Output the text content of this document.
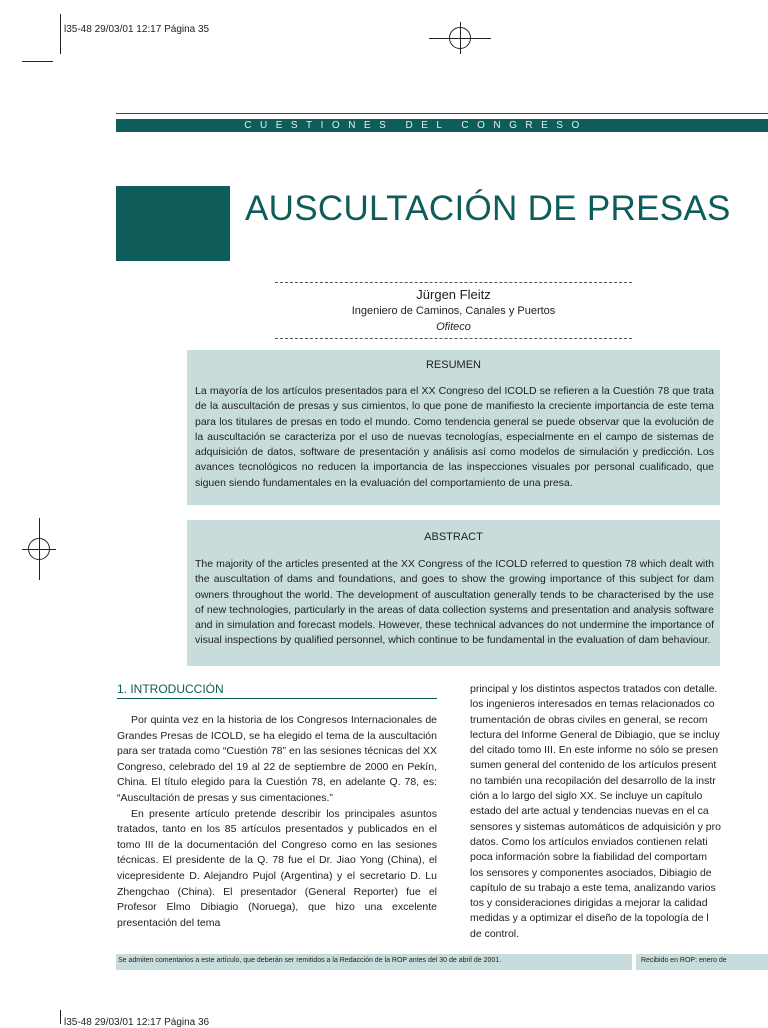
l35-48 29/03/01 12:17 Página 35
l35-48 29/03/01 12:17 Página 36
CUESTIONES DEL CONGRESO
AUSCULTACIÓN DE PRESAS
Jürgen Fleitz
Ingeniero de Caminos, Canales y Puertos
Ofiteco
RESUMEN
La mayoría de los artículos presentados para el XX Congreso del ICOLD se refieren a la Cuestión 78 que trata de la auscultación de presas y sus cimientos, lo que pone de manifiesto la creciente importancia de este tema para los titulares de presas en todo el mundo. Como tendencia general se puede observar que la evolución de la auscultación se caracteriza por el uso de nuevas tecnologías, especialmente en el campo de sistemas de adquisición de datos, software de presentación y análisis así como modelos de simulación y predicción. Los avances tecnológicos no reducen la importancia de las inspecciones visuales por personal cualificado, que siguen siendo fundamentales en la evaluación del comportamiento de una presa.
ABSTRACT
The majority of the articles presented at the XX Congress of the ICOLD referred to question 78 which dealt with the auscultation of dams and foundations, and goes to show the growing importance of this subject for dam owners throughout the world. The development of auscultation generally tends to be characterised by the use of new technologies, particularly in the areas of data collection systems and presentation and analysis software and in simulation and forecast models. However, these technical advances do not undermine the importance of visual inspections by qualified personnel, which continue to be fundamental in the evaluation of dam behaviour.
1. INTRODUCCIÓN

Por quinta vez en la historia de los Congresos Internacionales de Grandes Presas de ICOLD, se ha elegido el tema de la auscultación para ser tratada como “Cuestión 78” en las sesiones técnicas del XX Congreso, celebrado del 19 al 22 de septiembre de 2000 en Pekín, China. El título elegido para la Cuestión 78, en adelante Q. 78, es: “Auscultación de presas y sus cimentaciones.”

En presente artículo pretende describir los principales asuntos tratados, tanto en los 85 artículos presentados y publicados en el tomo III de la documentación del Congreso como en las sesiones técnicas. El presidente de la Q. 78 fue el Dr. Jiao Yong (China), el vicepresidente D. Alejandro Pujol (Argentina) y el secretario D. Lu Zhengchao (China). El presentador (General Reporter) fue el Profesor Elmo Dibiagio (Noruega), que hizo una excelente presentación del tema

principal y los distintos aspectos tratados con detalle.
los ingenieros interesados en temas relacionados co
trumentación de obras civiles en general, se recom
lectura del Informe General de Dibiagio, que se incluy
del citado tomo III. En este informe no sólo se presen
sumen general del contenido de los artículos present
no también una recopilación del desarrollo de la instr
ción a lo largo del siglo XX. Se incluye un capítulo
estado del arte actual y tendencias nuevas en el ca
sensores y sistemas automáticos de adquisición y pro
datos. Como los artículos enviados contienen relati
poca información sobre la fiabilidad del comportam
los sensores y componentes asociados, Dibiagio de
capítulo de su trabajo a este tema, analizando varios
tos y consideraciones dirigidas a mejorar la calidad
medidas y a optimizar el diseño de la topología de l
de control.
Se admiten comentarios a este artículo, que deberán ser remitidos a la Redacción de la ROP antes del 30 de abril de 2001.	Recibido en ROP: enero de
